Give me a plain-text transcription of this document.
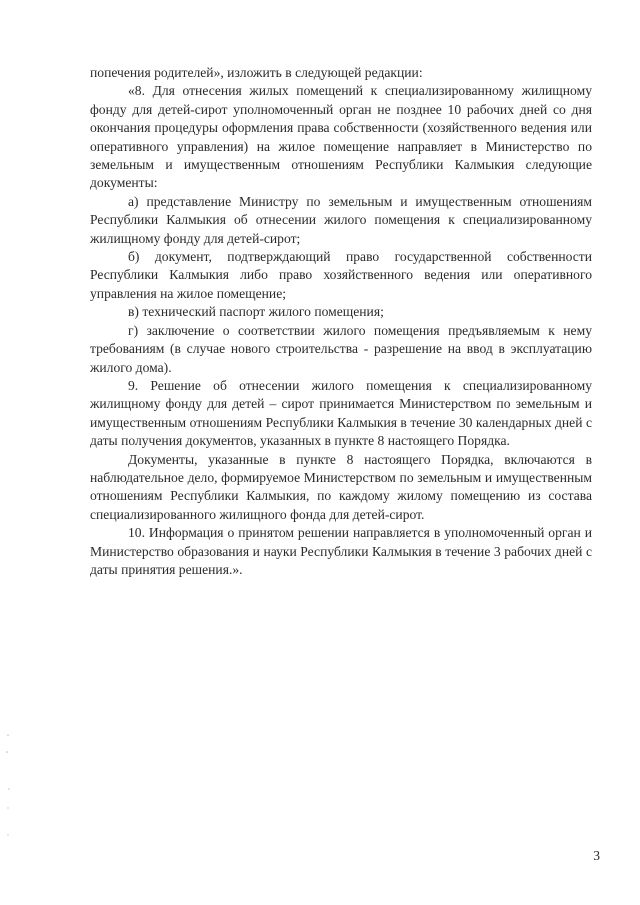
попечения родителей», изложить в следующей редакции:

«8. Для отнесения жилых помещений к специализированному жилищному фонду для детей-сирот уполномоченный орган не позднее 10 рабочих дней со дня окончания процедуры оформления права собственности (хозяйственного ведения или оперативного управления) на жилое помещение направляет в Министерство по земельным и имущественным отношениям Республики Калмыкия следующие документы:

а) представление Министру по земельным и имущественным отношениям Республики Калмыкия об отнесении жилого помещения к специализированному жилищному фонду для детей-сирот;

б) документ, подтверждающий право государственной собственности Республики Калмыкия либо право хозяйственного ведения или оперативного управления на жилое помещение;

в) технический паспорт жилого помещения;

г) заключение о соответствии жилого помещения предъявляемым к нему требованиям (в случае нового строительства - разрешение на ввод в эксплуатацию жилого дома).

9. Решение об отнесении жилого помещения к специализированному жилищному фонду для детей – сирот принимается Министерством по земельным и имущественным отношениям Республики Калмыкия в течение 30 календарных дней с даты получения документов, указанных в пункте 8 настоящего Порядка.

Документы, указанные в пункте 8 настоящего Порядка, включаются в наблюдательное дело, формируемое Министерством по земельным и имущественным отношениям Республики Калмыкия, по каждому жилому помещению из состава специализированного жилищного фонда для детей-сирот.

10. Информация о принятом решении направляется в уполномоченный орган и Министерство образования и науки Республики Калмыкия в течение 3 рабочих дней с даты принятия решения.».

3
